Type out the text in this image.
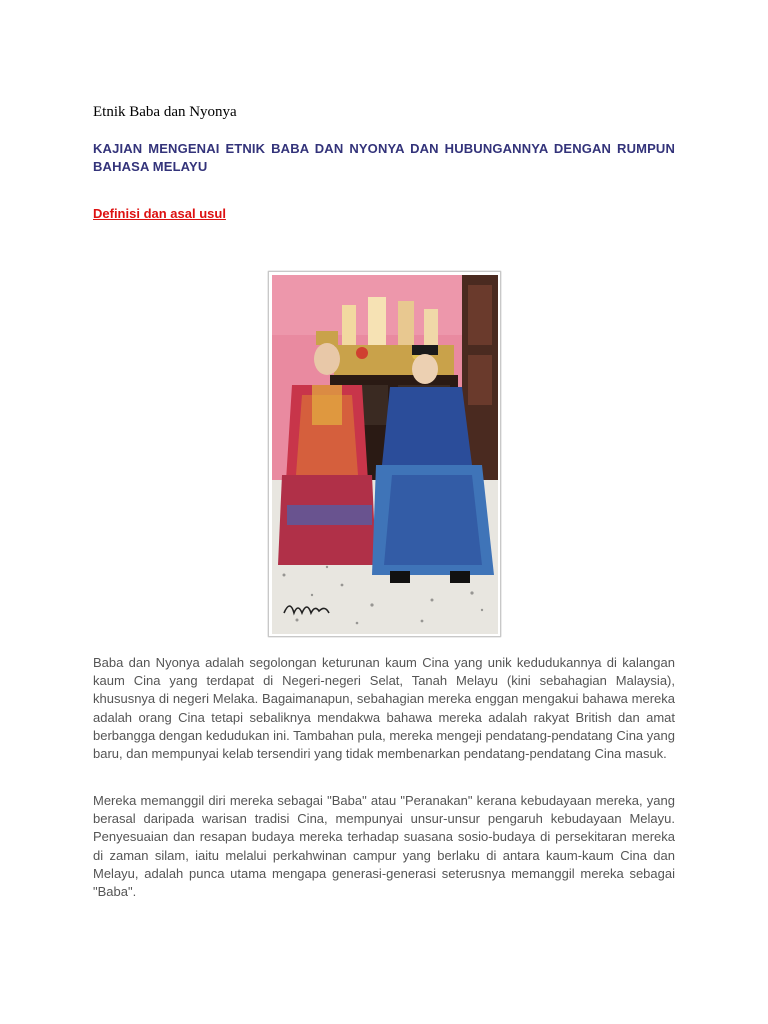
Etnik Baba dan Nyonya
KAJIAN MENGENAI ETNIK BABA DAN NYONYA DAN HUBUNGANNYA DENGAN RUMPUN BAHASA MELAYU
Definisi dan asal usul

Baba dan Nyonya adalah segolongan keturunan kaum Cina yang unik kedudukannya di kalangan kaum Cina yang terdapat di Negeri-negeri Selat, Tanah Melayu (kini sebahagian Malaysia), khususnya di negeri Melaka. Bagaimanapun, sebahagian mereka enggan mengakui bahawa mereka adalah orang Cina tetapi sebaliknya mendakwa bahawa mereka adalah rakyat British dan amat berbangga dengan kedudukan ini. Tambahan pula, mereka mengeji pendatang-pendatang Cina yang baru, dan mempunyai kelab tersendiri yang tidak membenarkan pendatang-pendatang Cina masuk.

Mereka memanggil diri mereka sebagai "Baba" atau "Peranakan" kerana kebudayaan mereka, yang berasal daripada warisan tradisi Cina, mempunyai unsur-unsur pengaruh kebudayaan Melayu. Penyesuaian dan resapan budaya mereka terhadap suasana sosio-budaya di persekitaran mereka di zaman silam, iaitu melalui perkahwinan campur yang berlaku di antara kaum-kaum Cina dan Melayu, adalah punca utama mengapa generasi-generasi seterusnya memanggil mereka sebagai "Baba".
